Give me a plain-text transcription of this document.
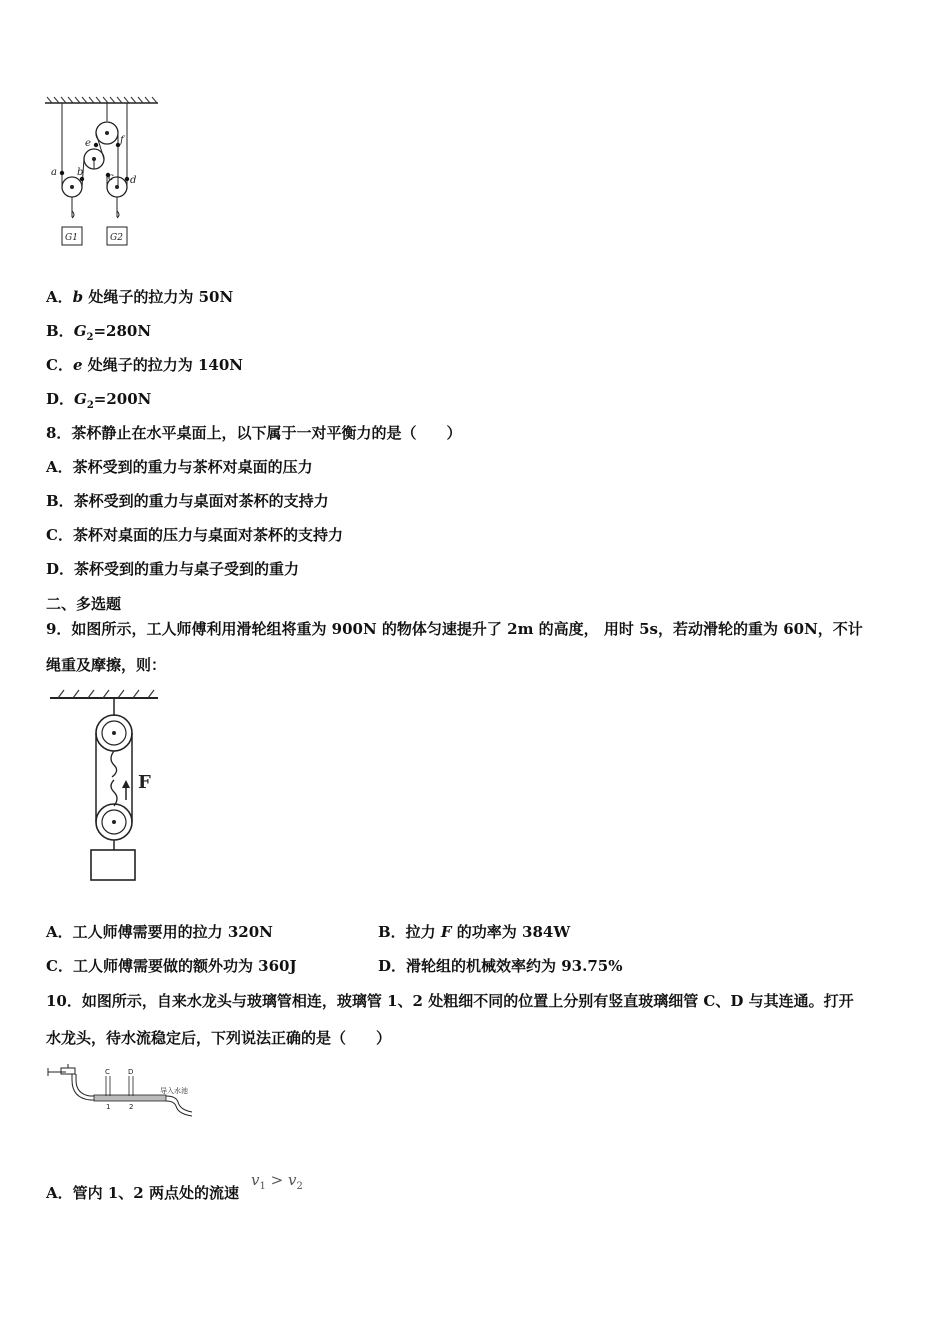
a b c d
e	f
G1	G2
A．b 处绳子的拉力为 50N
B．$G_2=280N$
C．e 处绳子的拉力为 140N
D．$G_2=200N$
8．茶杯静止在水平桌面上，以下属于一对平衡力的是（　　）
A．茶杯受到的重力与茶杯对桌面的压力
B．茶杯受到的重力与桌面对茶杯的支持力
C．茶杯对桌面的压力与桌面对茶杯的支持力
D．茶杯受到的重力与桌子受到的重力
二、多选题
9．如图所示，工人师傅利用滑轮组将重为 900N 的物体匀速提升了 2m 的高度， 用时 5s，若动滑轮的重为 60N，不计
绳重及摩擦，则：
F
A．工人师傅需要用的拉力 320N	B．拉力 F 的功率为 384W
C．工人师傅需要做的额外功为 360J	D．滑轮组的机械效率约为 93.75%
10．如图所示，自来水龙头与玻璃管相连，玻璃管 1、2 处粗细不同的位置上分别有竖直玻璃细管 C、D 与其连通。打开
水龙头，待水流稳定后，下列说法正确的是（　　）
C	D
1	2
导入水池
A．管内 1、2 两点处的流速
$v_1 > v_2$
